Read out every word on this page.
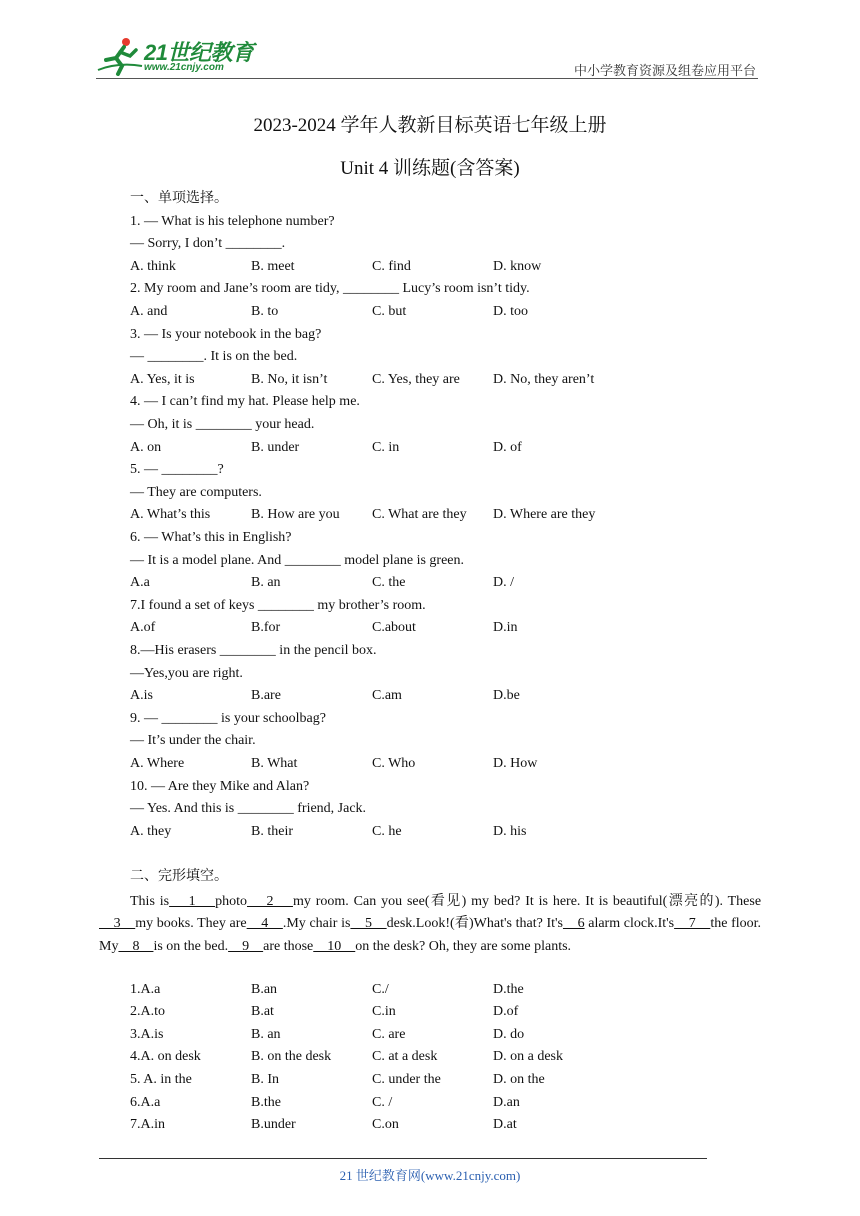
21世纪教育
www.21cnjy.com	中小学教育资源及组卷应用平台
2023-2024 学年人教新目标英语七年级上册
Unit 4 训练题(含答案)
一、单项选择。
1. — What is his telephone number?
— Sorry, I don’t ________.
A. think	B. meet	C. find	D. know
2. My room and Jane’s room are tidy, ________ Lucy’s room isn’t tidy.
A. and	B. to	C. but	D. too
3. — Is your notebook in the bag?
— ________. It is on the bed.
A. Yes, it is	B. No, it isn’t	C. Yes, they are D. No, they aren’t
4. — I can’t find my hat. Please help me.
— Oh, it is ________ your head.
A. on	B. under	C. in	D. of
5. — ________?
— They are computers.
A. What’s this	B. How are you C. What are they D. Where are they
6. — What’s this in English?
— It is a model plane. And ________ model plane is green.
A.a	B. an	C. the	D. /
7.I found a set of keys ________ my brother’s room.
A.of	B.for	C.about	D.in
8.—His erasers ________ in the pencil box.
—Yes,you are right.
A.is	B.are	C.am	D.be
9. — ________ is your schoolbag?
— It’s under the chair.
A. Where	B. What	C. Who	D. How
10. — Are they Mike and Alan?
— Yes. And this is ________ friend, Jack.
A. they	B. their	C. he	D. his
二、完形填空。
This is    1    photo    2    my room. Can you see(看见) my bed? It is here. It is beautiful(漂亮的). These    3    my books. They are    4    .My chair is    5    desk.Look!(看)What's that? It's    6 alarm clock.It's    7    the floor. My    8    is on the bed.    9    are those    10    on the desk? Oh, they are some plants.
1.A.a	B.an	C./	D.the
2.A.to	B.at	C.in	D.of
3.A.is	B. an	C. are	D. do
4.A. on desk	B. on the desk	C. at a desk	D. on a desk
5. A. in the	B. In	C. under the	D. on the
6.A.a	B.the	C. /	D.an
7.A.in	B.under	C.on	D.at
21 世纪教育网(www.21cnjy.com)
